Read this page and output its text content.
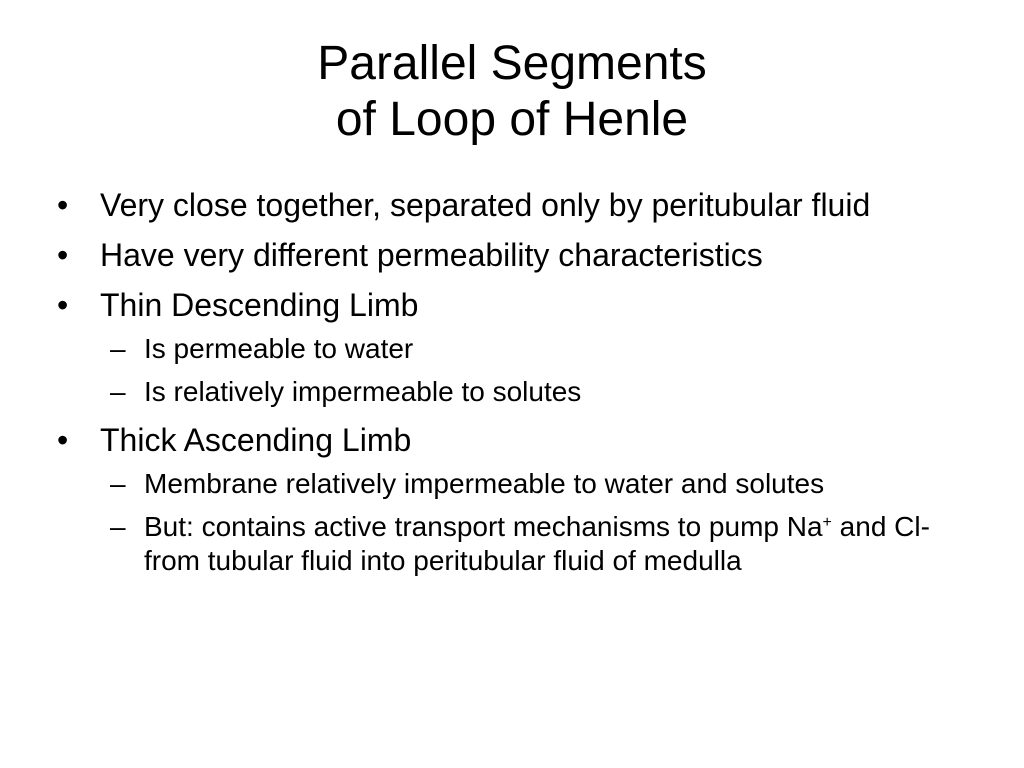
Parallel Segments
of Loop of Henle
• Very close together, separated only by peritubular fluid
• Have very different permeability characteristics
• Thin Descending Limb
– Is permeable to water
– Is relatively impermeable to solutes
• Thick Ascending Limb
– Membrane relatively impermeable to water and solutes
– But: contains active transport mechanisms to pump Na+ and Cl- from tubular fluid into peritubular fluid of medulla
